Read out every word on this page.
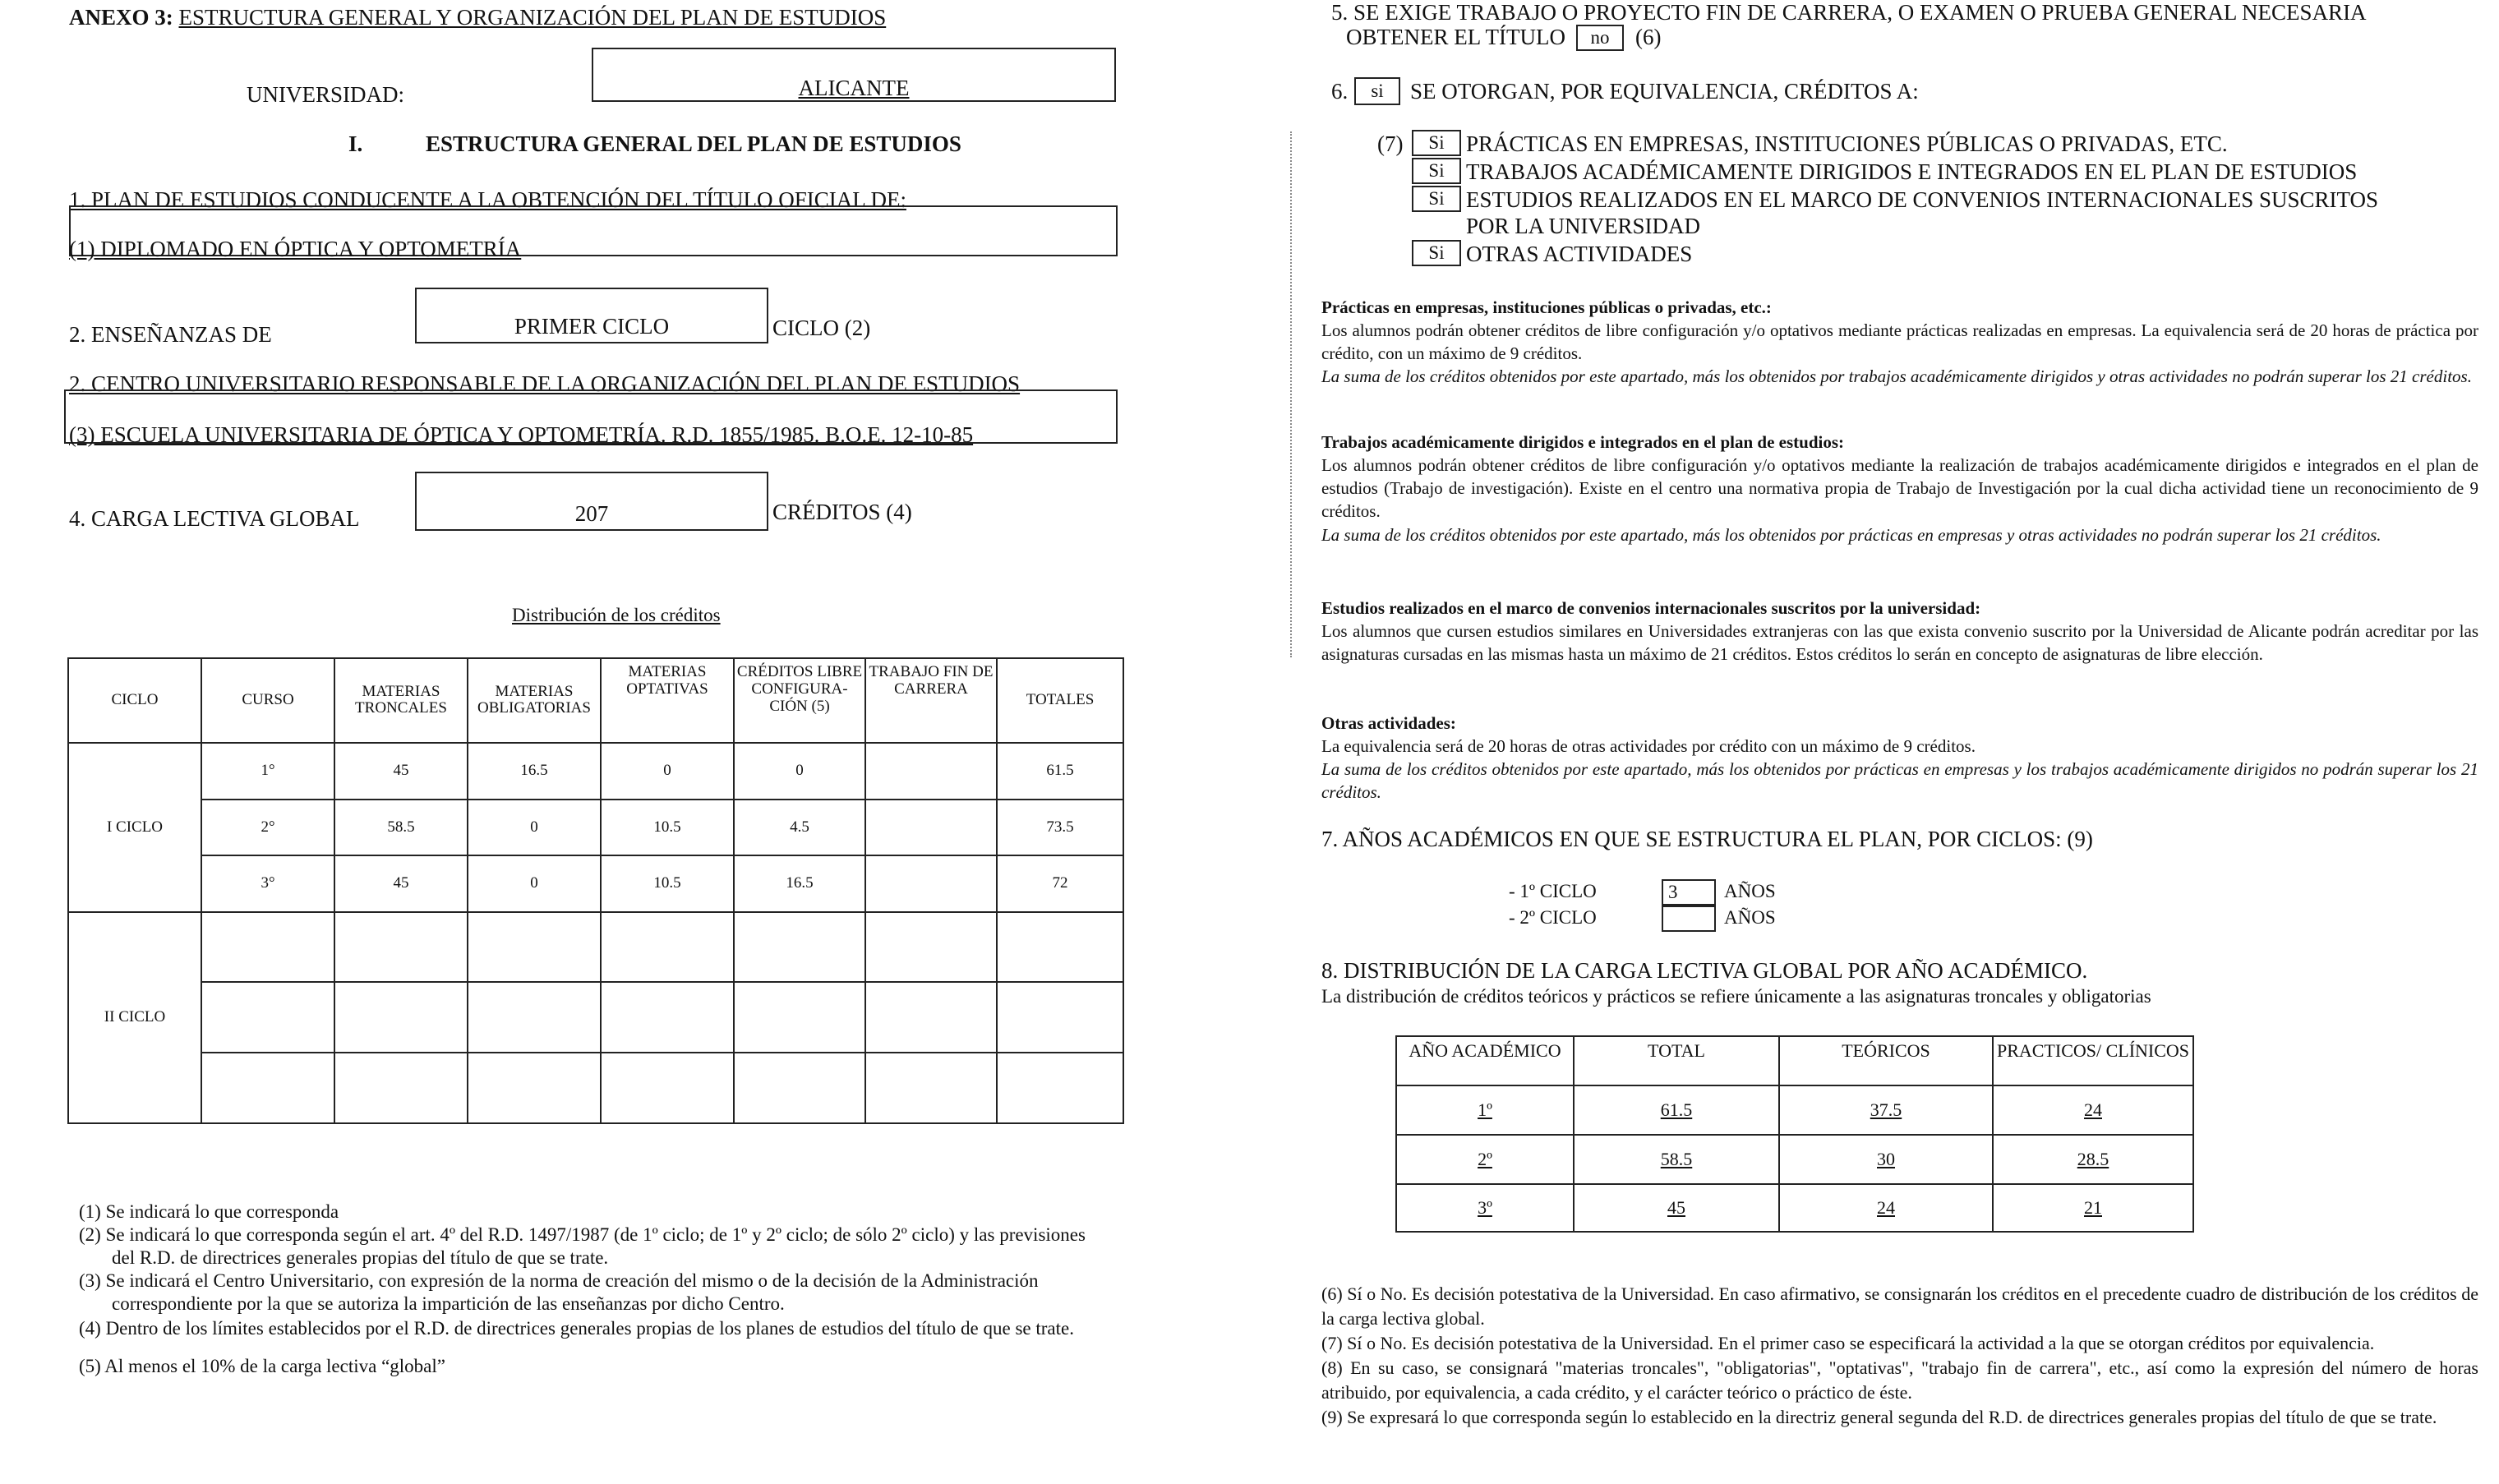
ANEXO 3: ESTRUCTURA GENERAL Y ORGANIZACIÓN DEL PLAN DE ESTUDIOS
UNIVERSIDAD:	ALICANTE
I.	ESTRUCTURA GENERAL DEL PLAN DE ESTUDIOS
1. PLAN DE ESTUDIOS CONDUCENTE A LA OBTENCIÓN DEL TÍTULO OFICIAL DE:
(1) DIPLOMADO EN ÓPTICA Y OPTOMETRÍA
2. ENSEÑANZAS DE	PRIMER CICLO	CICLO (2)
2. CENTRO UNIVERSITARIO RESPONSABLE DE LA ORGANIZACIÓN DEL PLAN DE ESTUDIOS
(3) ESCUELA UNIVERSITARIA DE ÓPTICA Y OPTOMETRÍA. R.D. 1855/1985. B.O.E. 12-10-85
4. CARGA LECTIVA GLOBAL	207	CRÉDITOS (4)
Distribución de los créditos
CICLO	CURSO	MATERIAS TRONCALES	MATERIAS OBLIGATORIAS	MATERIAS OPTATIVAS	CRÉDITOS LIBRE CONFIGURA-CIÓN (5)	TRABAJO FIN DE CARRERA	TOTALES
I CICLO	1°	45	16.5	0	0		61.5
	2°	58.5	0	10.5	4.5		73.5
	3°	45	0	10.5	16.5		72
II CICLO							

(1) Se indicará lo que corresponda
(2) Se indicará lo que corresponda según el art. 4º del R.D. 1497/1987 (de 1º ciclo; de 1º y 2º ciclo; de sólo 2º ciclo) y las previsiones
del R.D. de directrices generales propias del título de que se trate.
(3) Se indicará el Centro Universitario, con expresión de la norma de creación del mismo o de la decisión de la Administración
correspondiente por la que se autoriza la impartición de las enseñanzas por dicho Centro.
(4) Dentro de los límites establecidos por el R.D. de directrices generales propias de los planes de estudios del título de que se trate.
(5) Al menos el 10% de la carga lectiva “global”
5. SE EXIGE TRABAJO O PROYECTO FIN DE CARRERA, O EXAMEN O PRUEBA GENERAL NECESARIA
OBTENER EL TÍTULO	no	(6)
6.	si	SE OTORGAN, POR EQUIVALENCIA, CRÉDITOS A:
(7)	Si PRÁCTICAS EN EMPRESAS, INSTITUCIONES PÚBLICAS O PRIVADAS, ETC.
Si TRABAJOS ACADÉMICAMENTE DIRIGIDOS E INTEGRADOS EN EL PLAN DE ESTUDIOS
Si ESTUDIOS REALIZADOS EN EL MARCO DE CONVENIOS INTERNACIONALES SUSCRITOS
POR LA UNIVERSIDAD
Si OTRAS ACTIVIDADES
Prácticas en empresas, instituciones públicas o privadas, etc.:
Los alumnos podrán obtener créditos de libre configuración y/o optativos mediante prácticas realizadas en empresas. La equivalencia será de 20 horas de práctica por crédito, con un máximo de 9 créditos.
La suma de los créditos obtenidos por este apartado, más los obtenidos por trabajos académicamente dirigidos y otras actividades no podrán superar los 21 créditos.
Trabajos académicamente dirigidos e integrados en el plan de estudios:
Los alumnos podrán obtener créditos de libre configuración y/o optativos mediante la realización de trabajos académicamente dirigidos e integrados en el plan de estudios (Trabajo de investigación). Existe en el centro una normativa propia de Trabajo de Investigación por la cual dicha actividad tiene un reconocimiento de 9 créditos.
La suma de los créditos obtenidos por este apartado, más los obtenidos por prácticas en empresas y otras actividades no podrán superar los 21 créditos.
Estudios realizados en el marco de convenios internacionales suscritos por la universidad:
Los alumnos que cursen estudios similares en Universidades extranjeras con las que exista convenio suscrito por la Universidad de Alicante podrán acreditar por las asignaturas cursadas en las mismas hasta un máximo de 21 créditos. Estos créditos lo serán en concepto de asignaturas de libre elección.
Otras actividades:
La equivalencia será de 20 horas de otras actividades por crédito con un máximo de 9 créditos.
La suma de los créditos obtenidos por este apartado, más los obtenidos por prácticas en empresas y los trabajos académicamente dirigidos no podrán superar los 21 créditos.
7. AÑOS ACADÉMICOS EN QUE SE ESTRUCTURA EL PLAN, POR CICLOS: (9)
- 1º CICLO	3	AÑOS
- 2º CICLO	AÑOS
8. DISTRIBUCIÓN DE LA CARGA LECTIVA GLOBAL POR AÑO ACADÉMICO.
La distribución de créditos teóricos y prácticos se refiere únicamente a las asignaturas troncales y obligatorias
AÑO ACADÉMICO	TOTAL	TEÓRICOS	PRACTICOS/ CLÍNICOS
1º	61.5	37.5	24
2º	58.5	30	28.5
3º	45	24	21
(6) Sí o No. Es decisión potestativa de la Universidad. En caso afirmativo, se consignarán los créditos en el precedente cuadro de distribución de los créditos de la carga lectiva global.
(7) Sí o No. Es decisión potestativa de la Universidad. En el primer caso se especificará la actividad a la que se otorgan créditos por equivalencia.
(8) En su caso, se consignará "materias troncales", "obligatorias", "optativas", "trabajo fin de carrera", etc., así como la expresión del número de horas atribuido, por equivalencia, a cada crédito, y el carácter teórico o práctico de éste.
(9) Se expresará lo que corresponda según lo establecido en la directriz general segunda del R.D. de directrices generales propias del título de que se trate.
